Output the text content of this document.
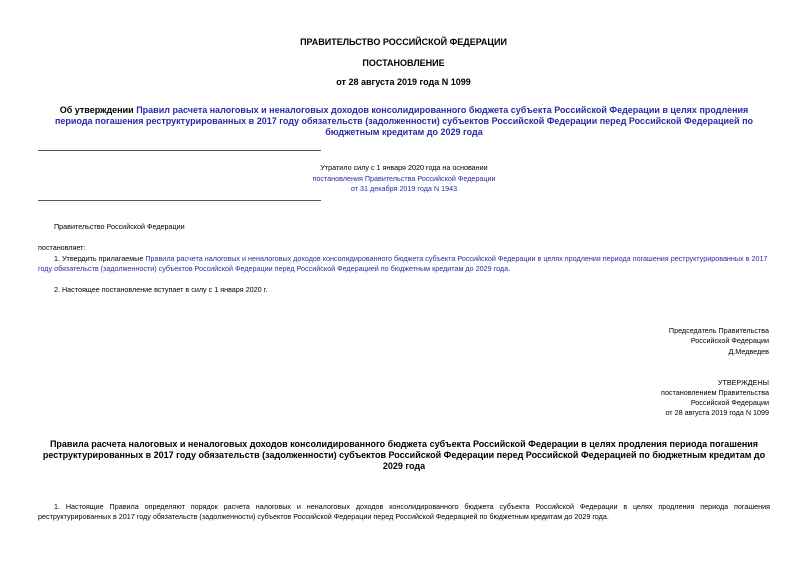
ПРАВИТЕЛЬСТВО РОССИЙСКОЙ ФЕДЕРАЦИИ
ПОСТАНОВЛЕНИЕ
от 28 августа 2019 года N 1099
Об утверждении Правил расчета налоговых и неналоговых доходов консолидированного бюджета субъекта Российской Федерации в целях продления периода погашения реструктурированных в 2017 году обязательств (задолженности) субъектов Российской Федерации перед Российской Федерацией по бюджетным кредитам до 2029 года
Утратило силу с 1 января 2020 года на основании
постановления Правительства Российской Федерации
от 31 декабря 2019 года N 1943
Правительство Российской Федерации
постановляет:
1. Утвердить прилагаемые Правила расчета налоговых и неналоговых доходов консолидированного бюджета субъекта Российской Федерации в целях продления периода погашения реструктурированных в 2017 году обязательств (задолженности) субъектов Российской Федерации перед Российской Федерацией по бюджетным кредитам до 2029 года.
2. Настоящее постановление вступает в силу с 1 января 2020 г.
Председатель Правительства
Российской Федерации
Д.Медведев
УТВЕРЖДЕНЫ
постановлением Правительства
Российской Федерации
от 28 августа 2019 года N 1099
Правила расчета налоговых и неналоговых доходов консолидированного бюджета субъекта Российской Федерации в целях продления периода погашения реструктурированных в 2017 году обязательств (задолженности) субъектов Российской Федерации перед Российской Федерацией по бюджетным кредитам до 2029 года
1. Настоящие Правила определяют порядок расчета налоговых и неналоговых доходов консолидированного бюджета субъекта Российской Федерации в целях продления периода погашения реструктурированных в 2017 году обязательств (задолженности) субъектов Российской Федерации перед Российской Федерацией по бюджетным кредитам до 2029 года.
